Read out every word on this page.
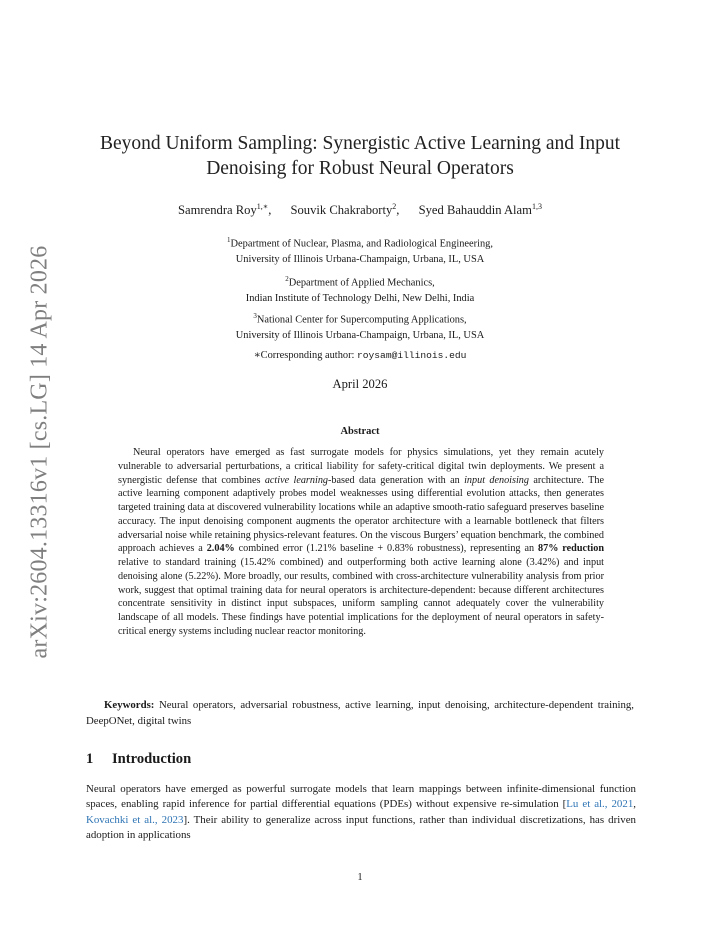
arXiv:2604.13316v1 [cs.LG] 14 Apr 2026
Beyond Uniform Sampling: Synergistic Active Learning and Input Denoising for Robust Neural Operators
Samrendra Roy$^{1,∗}$, Souvik Chakraborty$^2$, Syed Bahauddin Alam$^{1,3}$
$^1$Department of Nuclear, Plasma, and Radiological Engineering,
University of Illinois Urbana-Champaign, Urbana, IL, USA
$^2$Department of Applied Mechanics,
Indian Institute of Technology Delhi, New Delhi, India
$^3$National Center for Supercomputing Applications,
University of Illinois Urbana-Champaign, Urbana, IL, USA
∗Corresponding author: roysam@illinois.edu
April 2026
Abstract
Neural operators have emerged as fast surrogate models for physics simulations, yet they remain acutely vulnerable to adversarial perturbations, a critical liability for safety-critical digital twin deployments. We present a synergistic defense that combines active learning-based data generation with an input denoising architecture. The active learning component adaptively probes model weaknesses using differential evolution attacks, then generates targeted training data at discovered vulnerability locations while an adaptive smooth-ratio safeguard preserves baseline accuracy. The input denoising component augments the operator architecture with a learnable bottleneck that filters adversarial noise while retaining physics-relevant features. On the viscous Burgers’ equation benchmark, the combined approach achieves a 2.04% combined error (1.21% baseline + 0.83% robustness), representing an 87% reduction relative to standard training (15.42% combined) and outperforming both active learning alone (3.42%) and input denoising alone (5.22%). More broadly, our results, combined with cross-architecture vulnerability analysis from prior work, suggest that optimal training data for neural operators is architecture-dependent: because different architectures concentrate sensitivity in distinct input subspaces, uniform sampling cannot adequately cover the vulnerability landscape of all models. These findings have potential implications for the deployment of neural operators in safety-critical energy systems including nuclear reactor monitoring.
Keywords: Neural operators, adversarial robustness, active learning, input denoising, architecture-dependent training, DeepONet, digital twins
1 Introduction
Neural operators have emerged as powerful surrogate models that learn mappings between infinite-dimensional function spaces, enabling rapid inference for partial differential equations (PDEs) without expensive re-simulation [Lu et al., 2021, Kovachki et al., 2023]. Their ability to generalize across input functions, rather than individual discretizations, has driven adoption in applications
1
